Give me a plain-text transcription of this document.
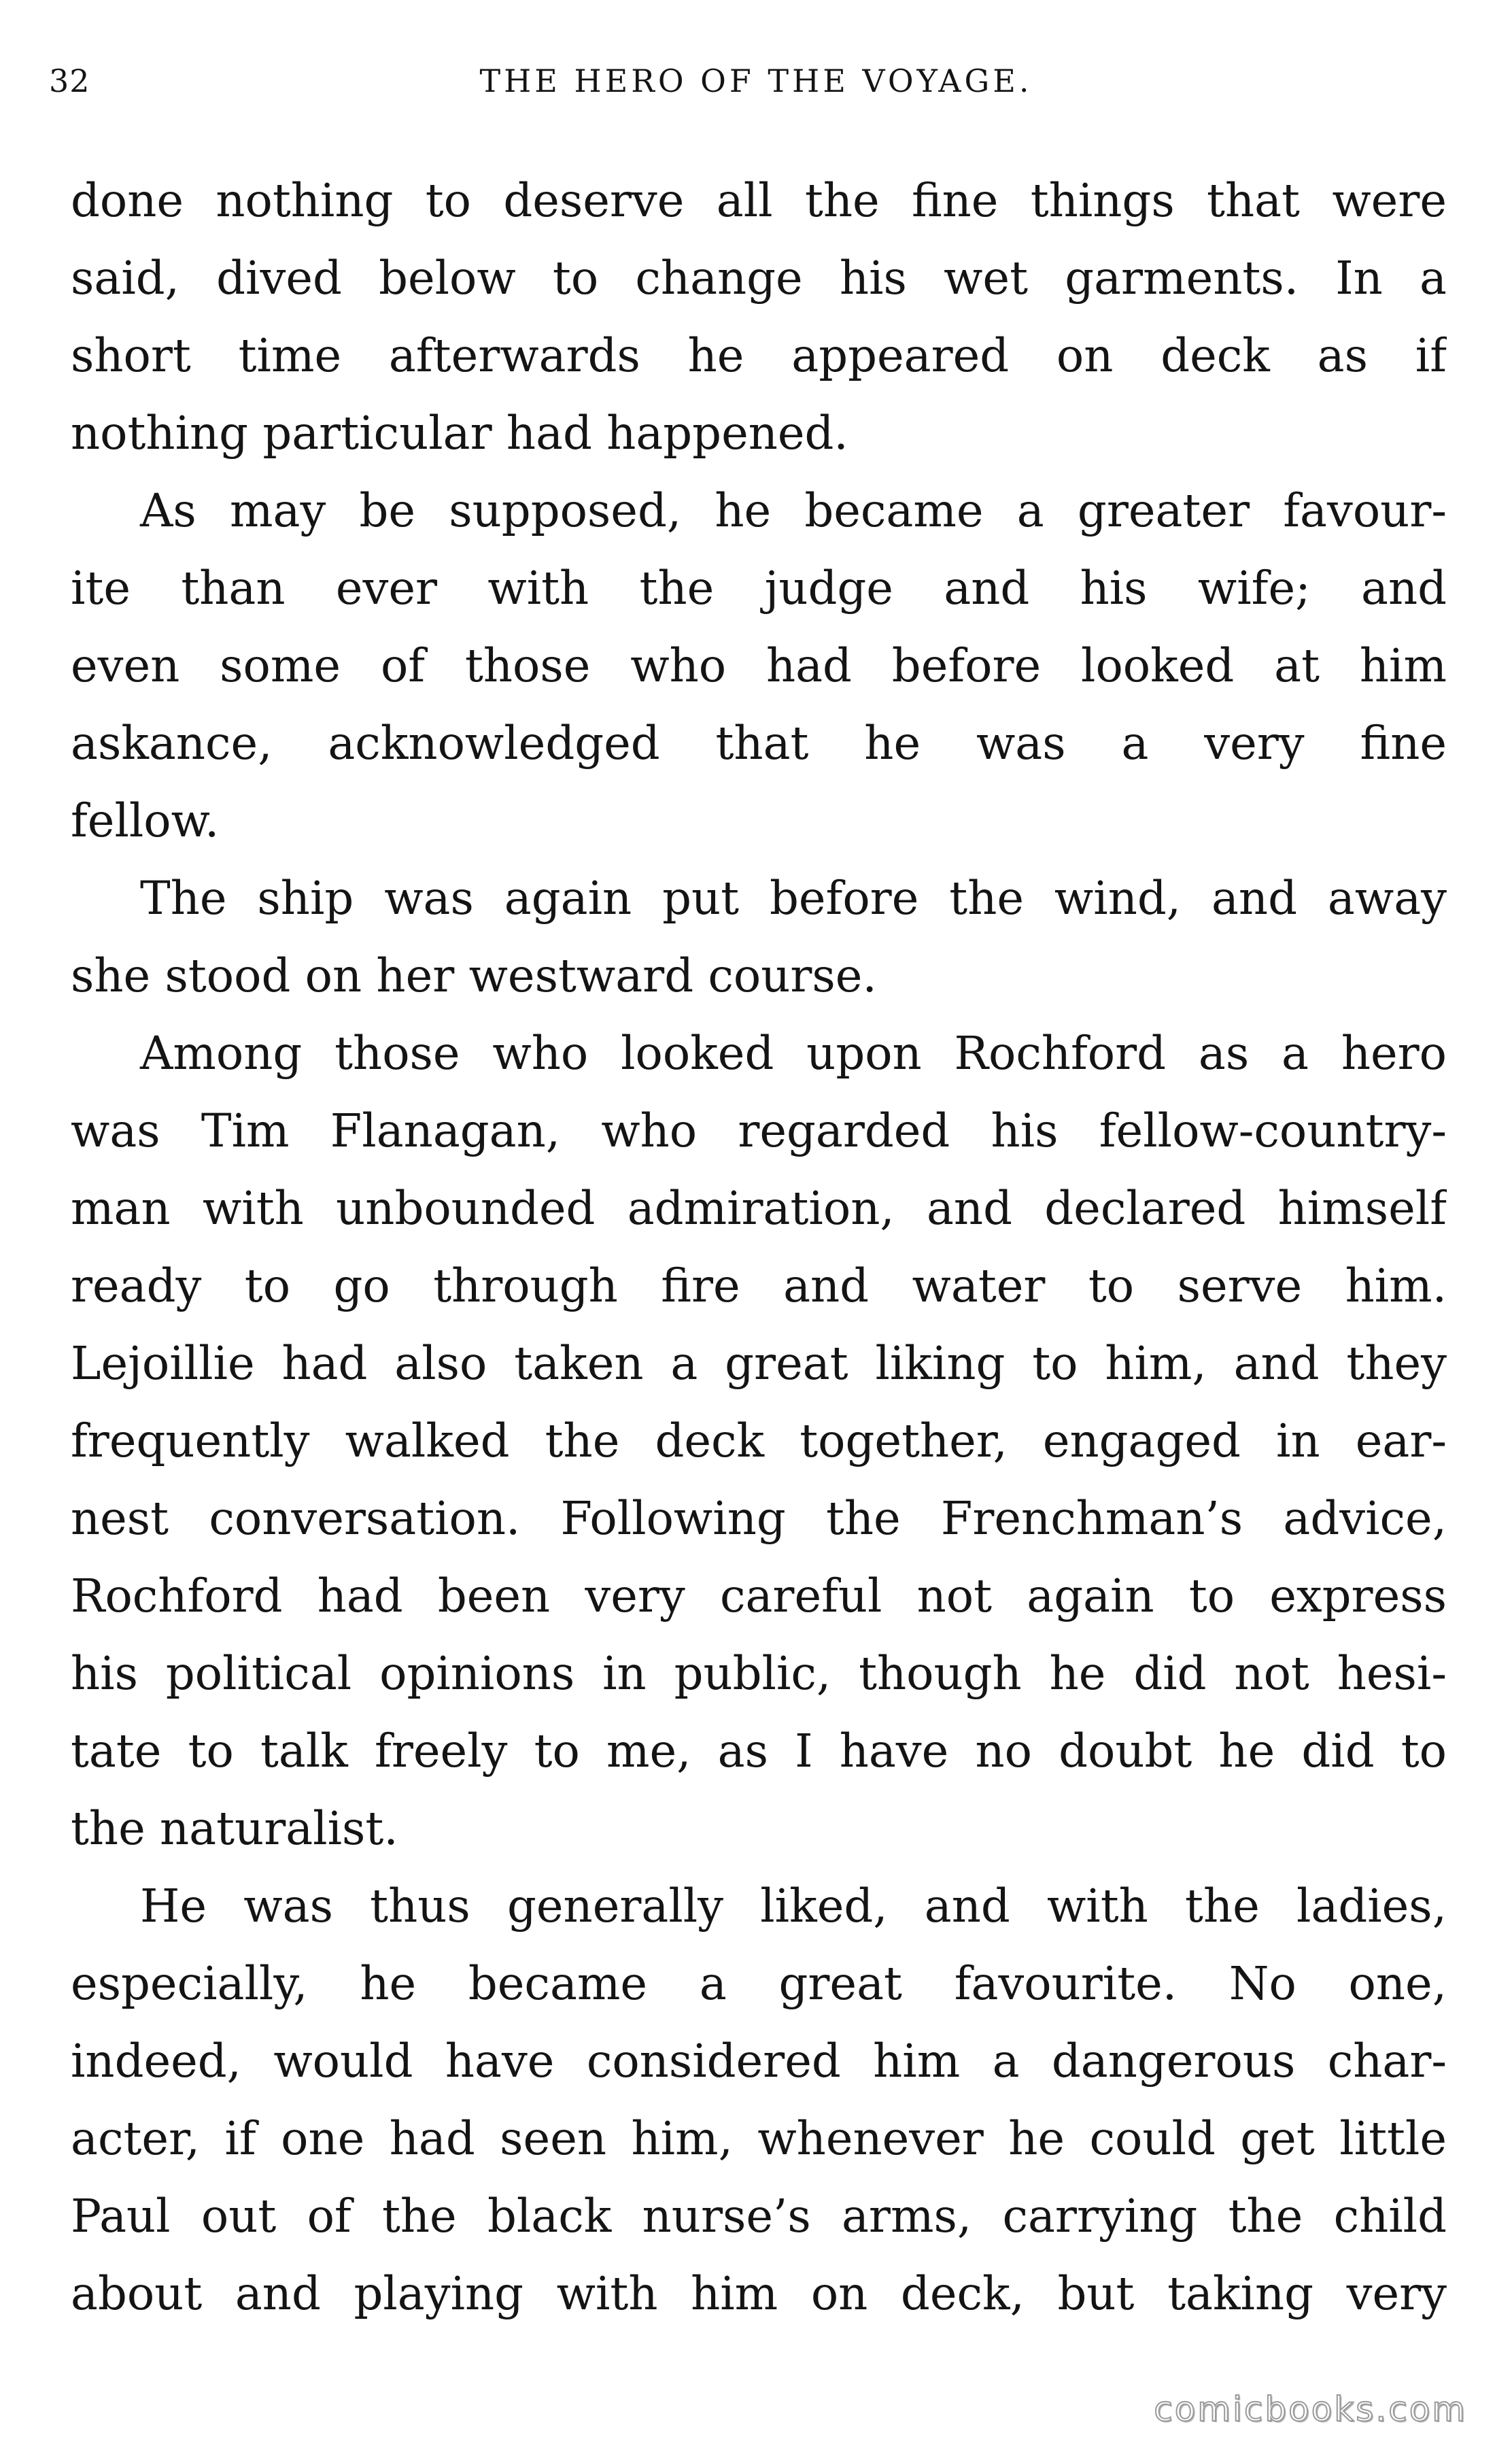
32	THE HERO OF THE VOYAGE.
done nothing to deserve all the fine things that were
said, dived below to change his wet garments. In a
short time afterwards he appeared on deck as if
nothing particular had happened.
As may be supposed, he became a greater favour-
ite than ever with the judge and his wife; and
even some of those who had before looked at him
askance, acknowledged that he was a very fine
fellow.
The ship was again put before the wind, and away
she stood on her westward course.
Among those who looked upon Rochford as a hero
was Tim Flanagan, who regarded his fellow-country-
man with unbounded admiration, and declared himself
ready to go through fire and water to serve him.
Lejoillie had also taken a great liking to him, and they
frequently walked the deck together, engaged in ear-
nest conversation. Following the Frenchman’s advice,
Rochford had been very careful not again to express
his political opinions in public, though he did not hesi-
tate to talk freely to me, as I have no doubt he did to
the naturalist.
He was thus generally liked, and with the ladies,
especially, he became a great favourite. No one,
indeed, would have considered him a dangerous char-
acter, if one had seen him, whenever he could get little
Paul out of the black nurse’s arms, carrying the child
about and playing with him on deck, but taking very
comicbooks.com
